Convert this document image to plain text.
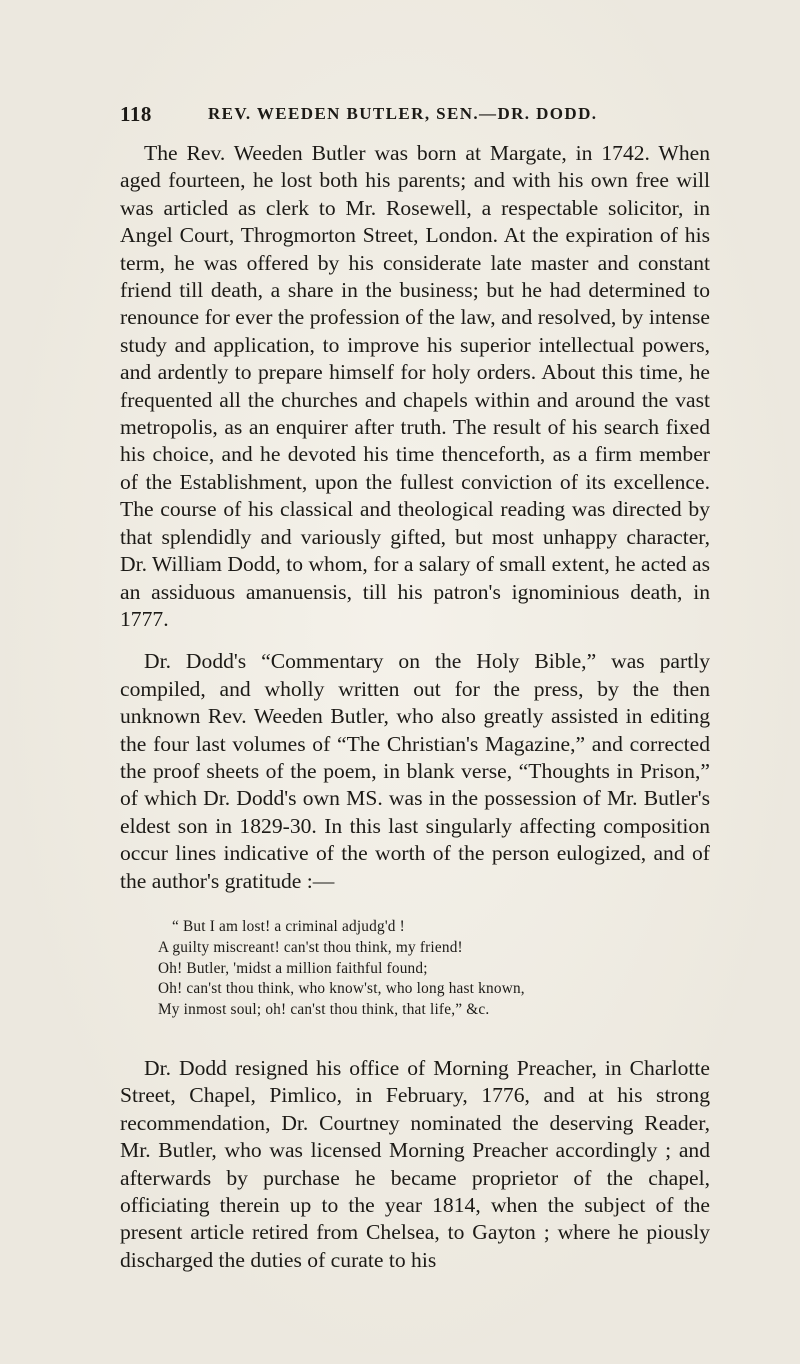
118	REV. WEEDEN BUTLER, SEN.—DR. DODD.

The Rev. Weeden Butler was born at Margate, in 1742. When aged fourteen, he lost both his parents; and with his own free will was articled as clerk to Mr. Rosewell, a respectable solicitor, in Angel Court, Throgmorton Street, London. At the expiration of his term, he was offered by his considerate late master and constant friend till death, a share in the business; but he had determined to renounce for ever the profession of the law, and resolved, by intense study and application, to improve his superior intellectual powers, and ardently to prepare himself for holy orders. About this time, he frequented all the churches and chapels within and around the vast metropolis, as an enquirer after truth. The result of his search fixed his choice, and he devoted his time thenceforth, as a firm member of the Establishment, upon the fullest conviction of its excellence. The course of his classical and theological reading was directed by that splendidly and variously gifted, but most unhappy character, Dr. William Dodd, to whom, for a salary of small extent, he acted as an assiduous amanuensis, till his patron's ignominious death, in 1777.

Dr. Dodd's “Commentary on the Holy Bible,” was partly compiled, and wholly written out for the press, by the then unknown Rev. Weeden Butler, who also greatly assisted in editing the four last volumes of “The Christian's Magazine,” and corrected the proof sheets of the poem, in blank verse, “Thoughts in Prison,” of which Dr. Dodd's own MS. was in the possession of Mr. Butler's eldest son in 1829-30. In this last singularly affecting composition occur lines indicative of the worth of the person eulogized, and of the author's gratitude :—

“ But I am lost! a criminal adjudg'd !
A guilty miscreant! can'st thou think, my friend!
Oh! Butler, 'midst a million faithful found;
Oh! can'st thou think, who know'st, who long hast known,
My inmost soul; oh! can'st thou think, that life,” &c.

Dr. Dodd resigned his office of Morning Preacher, in Charlotte Street, Chapel, Pimlico, in February, 1776, and at his strong recommendation, Dr. Courtney nominated the deserving Reader, Mr. Butler, who was licensed Morning Preacher accordingly ; and afterwards by purchase he became proprietor of the chapel, officiating therein up to the year 1814, when the subject of the present article retired from Chelsea, to Gayton ; where he piously discharged the duties of curate to his
